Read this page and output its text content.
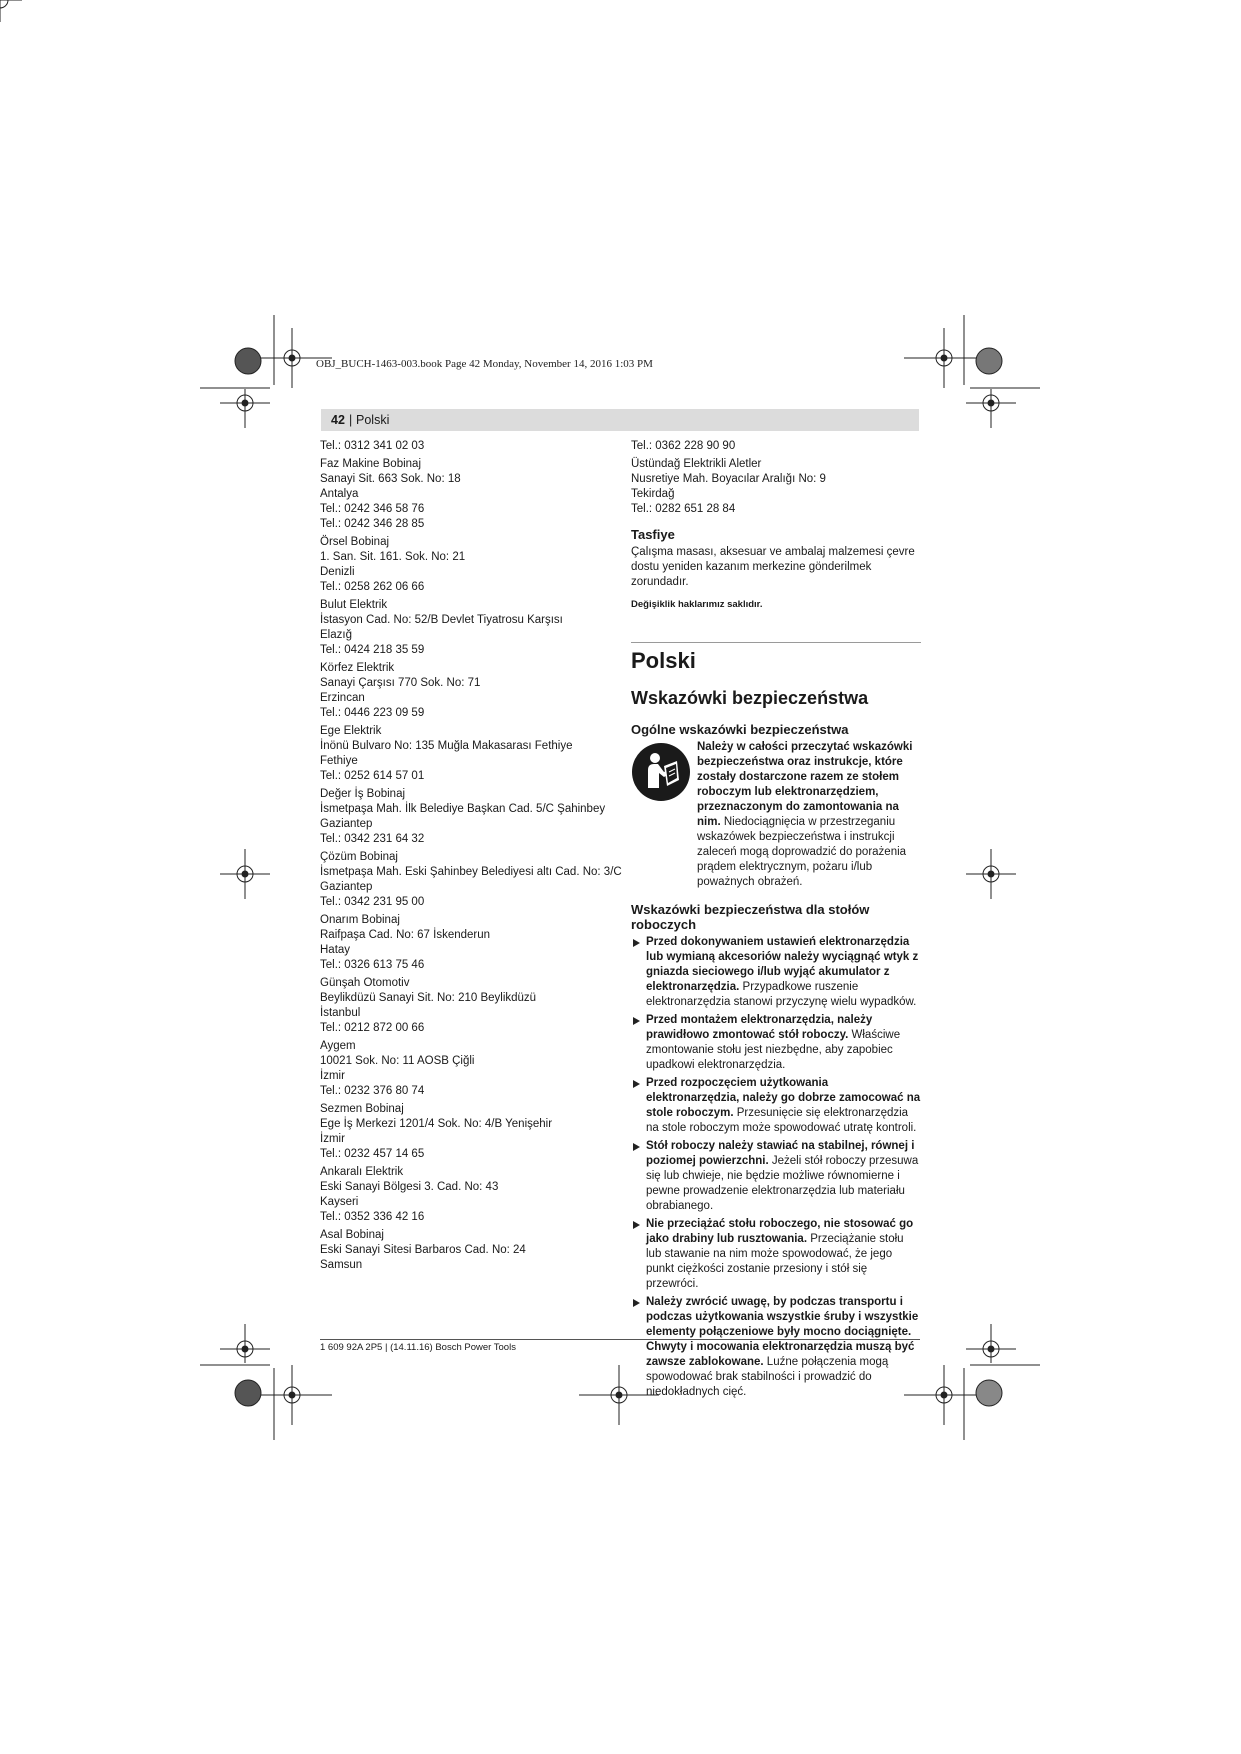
OBJ_BUCH-1463-003.book Page 42 Monday, November 14, 2016 1:03 PM
42 | Polski
Tel.: 0312 341 02 03
Faz Makine Bobinaj
Sanayi Sit. 663 Sok. No: 18
Antalya
Tel.: 0242 346 58 76
Tel.: 0242 346 28 85
Örsel Bobinaj
1. San. Sit. 161. Sok. No: 21
Denizli
Tel.: 0258 262 06 66
Bulut Elektrik
İstasyon Cad. No: 52/B Devlet Tiyatrosu Karşısı
Elazığ
Tel.: 0424 218 35 59
Körfez Elektrik
Sanayi Çarşısı 770 Sok. No: 71
Erzincan
Tel.: 0446 223 09 59
Ege Elektrik
İnönü Bulvaro No: 135 Muğla Makasarası Fethiye
Fethiye
Tel.: 0252 614 57 01
Değer İş Bobinaj
İsmetpaşa Mah. İlk Belediye Başkan Cad. 5/C Şahinbey
Gaziantep
Tel.: 0342 231 64 32
Çözüm Bobinaj
İsmetpaşa Mah. Eski Şahinbey Belediyesi altı Cad. No: 3/C
Gaziantep
Tel.: 0342 231 95 00
Onarım Bobinaj
Raifpaşa Cad. No: 67 İskenderun
Hatay
Tel.: 0326 613 75 46
Günşah Otomotiv
Beylikdüzü Sanayi Sit. No: 210 Beylikdüzü
İstanbul
Tel.: 0212 872 00 66
Aygem
10021 Sok. No: 11 AOSB Çiğli
İzmir
Tel.: 0232 376 80 74
Sezmen Bobinaj
Ege İş Merkezi 1201/4 Sok. No: 4/B Yenişehir
İzmir
Tel.: 0232 457 14 65
Ankaralı Elektrik
Eski Sanayi Bölgesi 3. Cad. No: 43
Kayseri
Tel.: 0352 336 42 16
Asal Bobinaj
Eski Sanayi Sitesi Barbaros Cad. No: 24
Samsun
Tel.: 0362 228 90 90
Üstündağ Elektrikli Aletler
Nusretiye Mah. Boyacılar Aralığı No: 9
Tekirdağ
Tel.: 0282 651 28 84
Tasfiye
Çalışma masası, aksesuar ve ambalaj malzemesi çevre dostu yeniden kazanım merkezine gönderilmek zorundadır.
Değişiklik haklarımız saklıdır.
Polski
Wskazówki bezpieczeństwa
Ogólne wskazówki bezpieczeństwa
Należy w całości przeczytać wskazówki bezpieczeństwa oraz instrukcje, które zostały dostarczone razem ze stołem roboczym lub elektronarzędziem, przeznaczonym do zamontowania na nim. Niedociągnięcia w przestrzeganiu wskazówek bezpieczeństwa i instrukcji zaleceń mogą doprowadzić do porażenia prądem elektrycznym, pożaru i/lub poważnych obrażeń.
Wskazówki bezpieczeństwa dla stołów roboczych
Przed dokonywaniem ustawień elektronarzędzia lub wymianą akcesoriów należy wyciągnąć wtyk z gniazda sieciowego i/lub wyjąć akumulator z elektronarzędzia. Przypadkowe ruszenie elektronarzędzia stanowi przyczynę wielu wypadków.
Przed montażem elektronarzędzia, należy prawidłowo zmontować stół roboczy. Właściwe zmontowanie stołu jest niezbędne, aby zapobiec upadkowi elektronarzędzia.
Przed rozpoczęciem użytkowania elektronarzędzia, należy go dobrze zamocować na stole roboczym. Przesunięcie się elektronarzędzia na stole roboczym może spowodować utratę kontroli.
Stół roboczy należy stawiać na stabilnej, równej i poziomej powierzchni. Jeżeli stół roboczy przesuwa się lub chwieje, nie będzie możliwe równomierne i pewne prowadzenie elektronarzędzia lub materiału obrabianego.
Nie przeciążać stołu roboczego, nie stosować go jako drabiny lub rusztowania. Przeciążanie stołu lub stawanie na nim może spowodować, że jego punkt ciężkości zostanie przesiony i stół się przewróci.
Należy zwrócić uwagę, by podczas transportu i podczas użytkowania wszystkie śruby i wszystkie elementy połączeniowe były mocno dociągnięte. Chwyty i mocowania elektronarzędzia muszą być zawsze zablokowane. Luźne połączenia mogą spowodować brak stabilności i prowadzić do niedokładnych cięć.
1 609 92A 2P5 | (14.11.16) Bosch Power Tools
